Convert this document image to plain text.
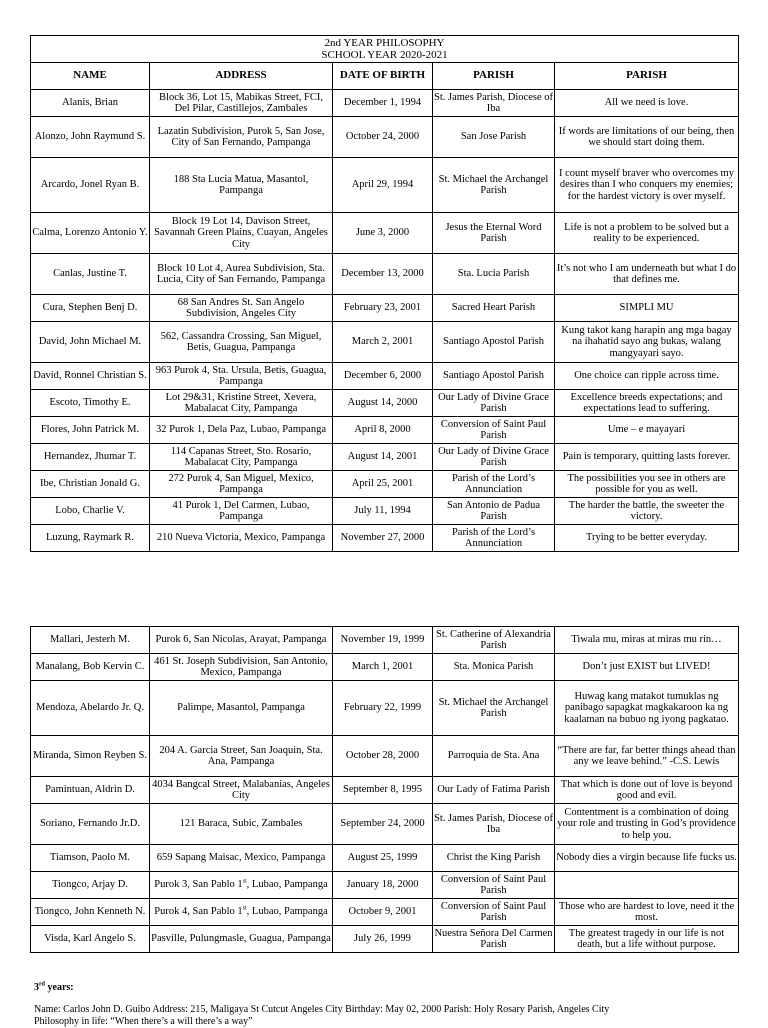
2nd YEAR PHILOSOPHY
SCHOOL YEAR 2020-2021				

NAME	ADDRESS	DATE OF BIRTH	PARISH	PARISH
Alanis, Brian	Block 36, Lot 15, Mabikas Street, FCI, Del Pilar, Castillejos, Zambales	December 1, 1994	St. James Parish, Diocese of Iba	All we need is love.
Alonzo, John Raymund S.	Lazatin Subdivision, Purok 5, San Jose, City of San Fernando, Pampanga	October 24, 2000	San Jose Parish	If words are limitations of our being, then we should start doing them.
Arcardo, Jonel Ryan B.	188 Sta Lucia Matua, Masantol, Pampanga	April 29, 1994	St. Michael the Archangel Parish	I count myself braver who overcomes my desires than I who conquers my enemies; for the hardest victory is over myself.
Calma, Lorenzo Antonio Y.	Block 19 Lot 14, Davison Street, Savannah Green Plains, Cuayan, Angeles City	June 3, 2000	Jesus the Eternal Word Parish	Life is not a problem to be solved but a reality to be experienced.
Canlas, Justine T.	Block 10 Lot 4, Aurea Subdivision, Sta. Lucia, City of San Fernando, Pampanga	December 13, 2000	Sta. Lucia Parish	It’s not who I am underneath but what I do that defines me.
Cura, Stephen Benj D.	68 San Andres St. San Angelo Subdivision, Angeles City	February 23, 2001	Sacred Heart Parish	SIMPLI MU
David, John Michael M.	562, Cassandra Crossing, San Miguel, Betis, Guagua, Pampanga	March 2, 2001	Santiago Apostol Parish	Kung takot kang harapin ang mga bagay na ihahatid sayo ang bukas, walang mangyayari sayo.
David, Ronnel Christian S.	963 Purok 4, Sta. Ursula, Betis, Guagua, Pampanga	December 6, 2000	Santiago Apostol Parish	One choice can ripple across time.
Escoto, Timothy E.	Lot 29&31, Kristine Street, Xevera, Mabalacat City, Pampanga	August 14, 2000	Our Lady of Divine Grace Parish	Excellence breeds expectations; and expectations lead to suffering.
Flores, John Patrick M.	32 Purok 1, Dela Paz, Lubao, Pampanga	April 8, 2000	Conversion of Saint Paul Parish	Ume – e mayayari
Hernandez, Jhumar T.	114 Capanas Street, Sto. Rosario, Mabalacat City, Pampanga	August 14, 2001	Our Lady of Divine Grace Parish	Pain is temporary, quitting lasts forever.
Ibe, Christian Jonald G.	272 Purok 4, San Miguel, Mexico, Pampanga	April 25, 2001	Parish of the Lord’s Annunciation	The possibilities you see in others are possible for you as well.
Lobo, Charlie V.	41 Purok 1, Del Carmen, Lubao, Pampanga	July 11, 1994	San Antonio de Padua Parish	The harder the battle, the sweeter the victory.
Luzung, Raymark R.	210 Nueva Victoria, Mexico, Pampanga	November 27, 2000	Parish of the Lord’s Annunciation	Trying to be better everyday.
Mallari, Jesterh M.	Purok 6, San Nicolas, Arayat, Pampanga	November 19, 1999	St. Catherine of Alexandria Parish	Tiwala mu, miras at miras mu rin…
Manalang, Bob Kervin C.	461 St. Joseph Subdivision, San Antonio, Mexico, Pampanga	March 1, 2001	Sta. Monica Parish	Don’t just EXIST but LIVED!
Mendoza, Abelardo Jr. Q.	Palimpe, Masantol, Pampanga	February 22, 1999	St. Michael the Archangel Parish	Huwag kang matakot tumuklas ng panibago sapagkat magkakaroon ka ng kaalaman na bubuo ng iyong pagkatao.
Miranda, Simon Reyben S.	204 A. Garcia Street, San Joaquin, Sta. Ana, Pampanga	October 28, 2000	Parroquia de Sta. Ana	“There are far, far better things ahead than any we leave behind.” -C.S. Lewis
Pamintuan, Aldrin D.	4034 Bangcal Street, Malabanias, Angeles City	September 8, 1995	Our Lady of Fatima Parish	That which is done out of love is beyond good and evil.
Soriano, Fernando Jr.D.	121 Baraca, Subic, Zambales	September 24, 2000	St. James Parish, Diocese of Iba	Contentment is a combination of doing your role and trusting in God’s providence to help you.
Tiamson, Paolo M.	659 Sapang Maisac, Mexico, Pampanga	August 25, 1999	Christ the King Parish	Nobody dies a virgin because life fucks us.
Tiongco, Arjay D.	Purok 3, San Pablo 1st, Lubao, Pampanga	January 18, 2000	Conversion of Saint Paul Parish	
Tiongco, John Kenneth N.	Purok 4, San Pablo 1st, Lubao, Pampanga	October 9, 2001	Conversion of Saint Paul Parish	Those who are hardest to love, need it the most.
Visda, Karl Angelo S.	Pasville, Pulungmasle, Guagua, Pampanga	July 26, 1999	Nuestra Señora Del Carmen Parish	The greatest tragedy in our life is not death, but a life without purpose.
3rd years:
Name: Carlos John D. Guibo Address: 215, Maligaya St Cutcut Angeles City Birthday: May 02, 2000 Parish: Holy Rosary Parish, Angeles City
Philosophy in life: “When there’s a will there’s a way”
